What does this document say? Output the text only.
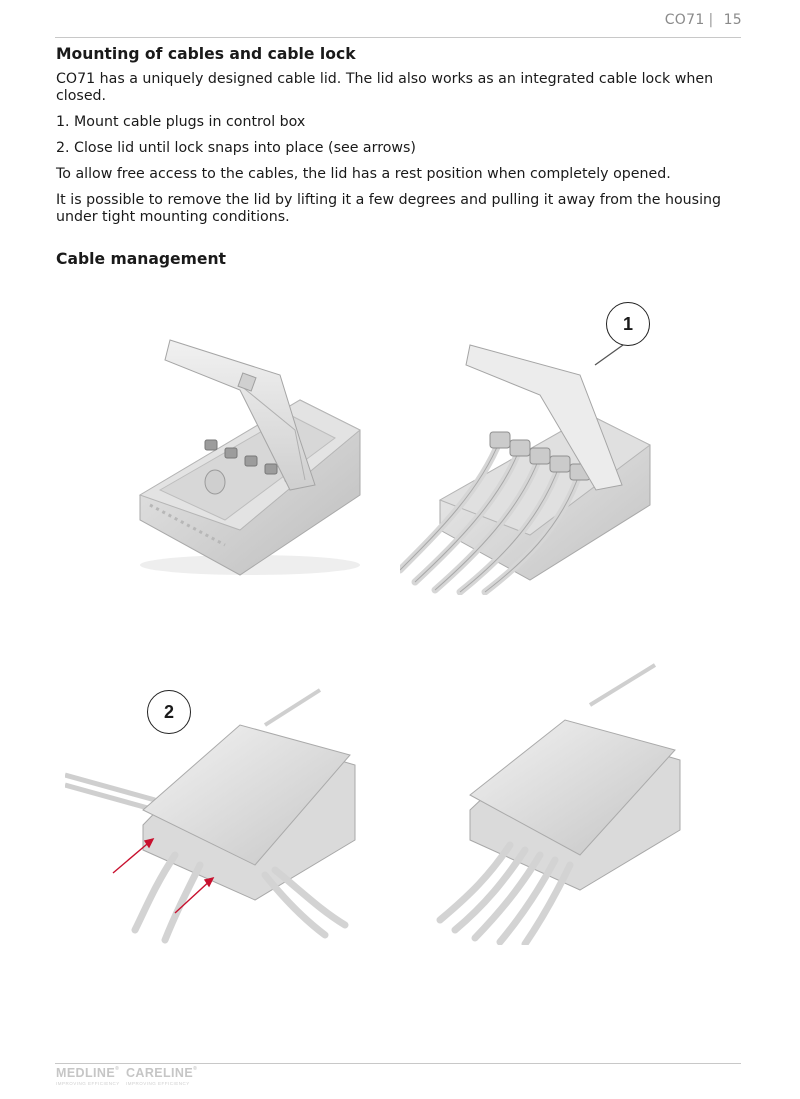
CO71 | 15
Mounting of cables and cable lock

CO71 has a uniquely designed cable lid. The lid also works as an integrated cable lock when closed.

1. Mount cable plugs in control box
2. Close lid until lock snaps into place (see arrows)

To allow free access to the cables, the lid has a rest position when completely opened.

It is possible to remove the lid by lifting it a few degrees and pulling it away from the housing under tight mounting conditions.

Cable management
1
2
MEDLINE® CARELINE®
IMPROVING EFFICIENCY IMPROVING EFFICIENCY
